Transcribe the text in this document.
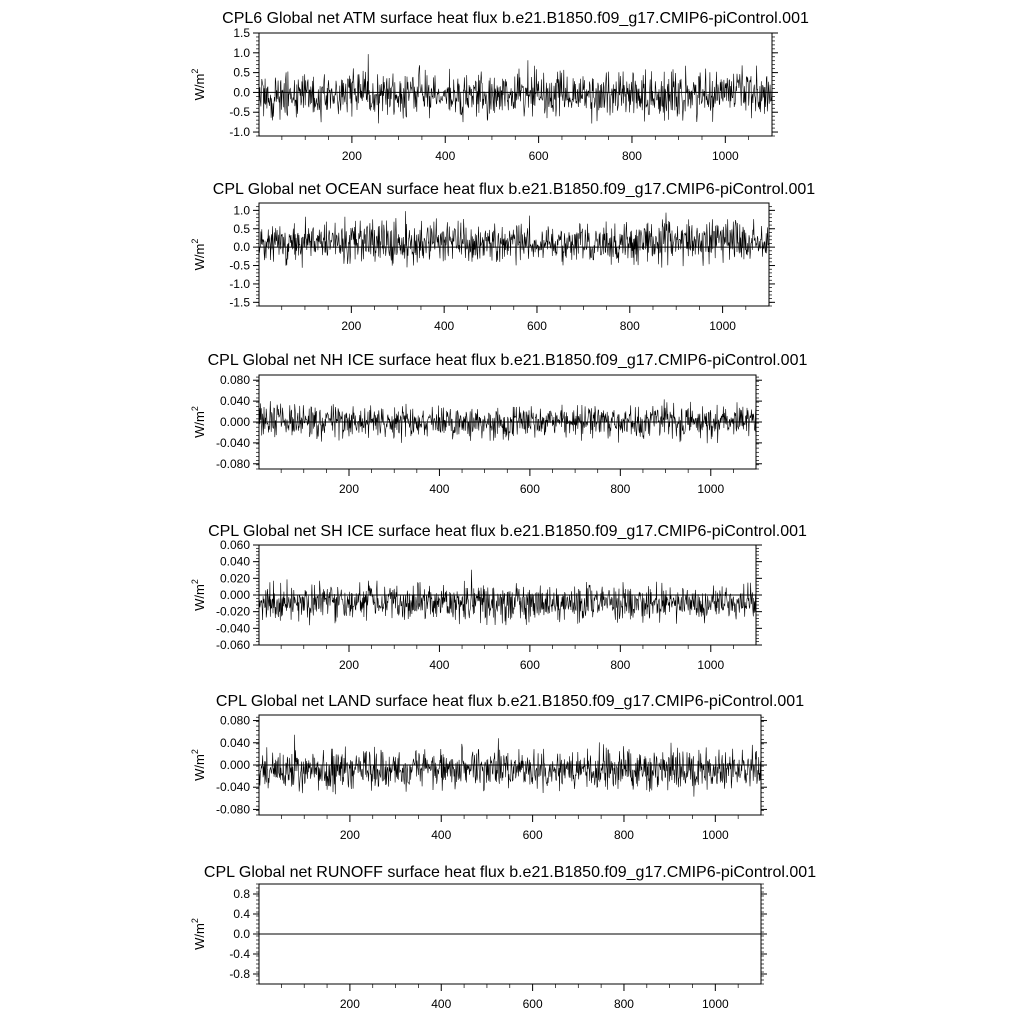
CPL6 Global net ATM surface heat flux b.e21.B1850.f09_g17.CMIP6-piControl.001
1.5
1.0
0.5
0.0
-0.5
-1.0
200	400	600	800	1000
$W/m^2$
CPL Global net OCEAN surface heat flux b.e21.B1850.f09_g17.CMIP6-piControl.001
1.0
0.5
0.0
-0.5
-1.0
-1.5
200	400	600	800	1000
$W/m^2$
CPL Global net NH ICE surface heat flux b.e21.B1850.f09_g17.CMIP6-piControl.001
0.080
0.040
0.000
-0.040
-0.080
200	400	600	800	1000
$W/m^2$
CPL Global net SH ICE surface heat flux b.e21.B1850.f09_g17.CMIP6-piControl.001
0.060
0.040
0.020
0.000
-0.020
-0.040
-0.060
200	400	600	800	1000
$W/m^2$
CPL Global net LAND surface heat flux b.e21.B1850.f09_g17.CMIP6-piControl.001
0.080
0.040
0.000
-0.040
-0.080
200	400	600	800	1000
$W/m^2$
CPL Global net RUNOFF surface heat flux b.e21.B1850.f09_g17.CMIP6-piControl.001
0.8
0.4
0.0
-0.4
-0.8
200	400	600	800	1000
$W/m^2$
